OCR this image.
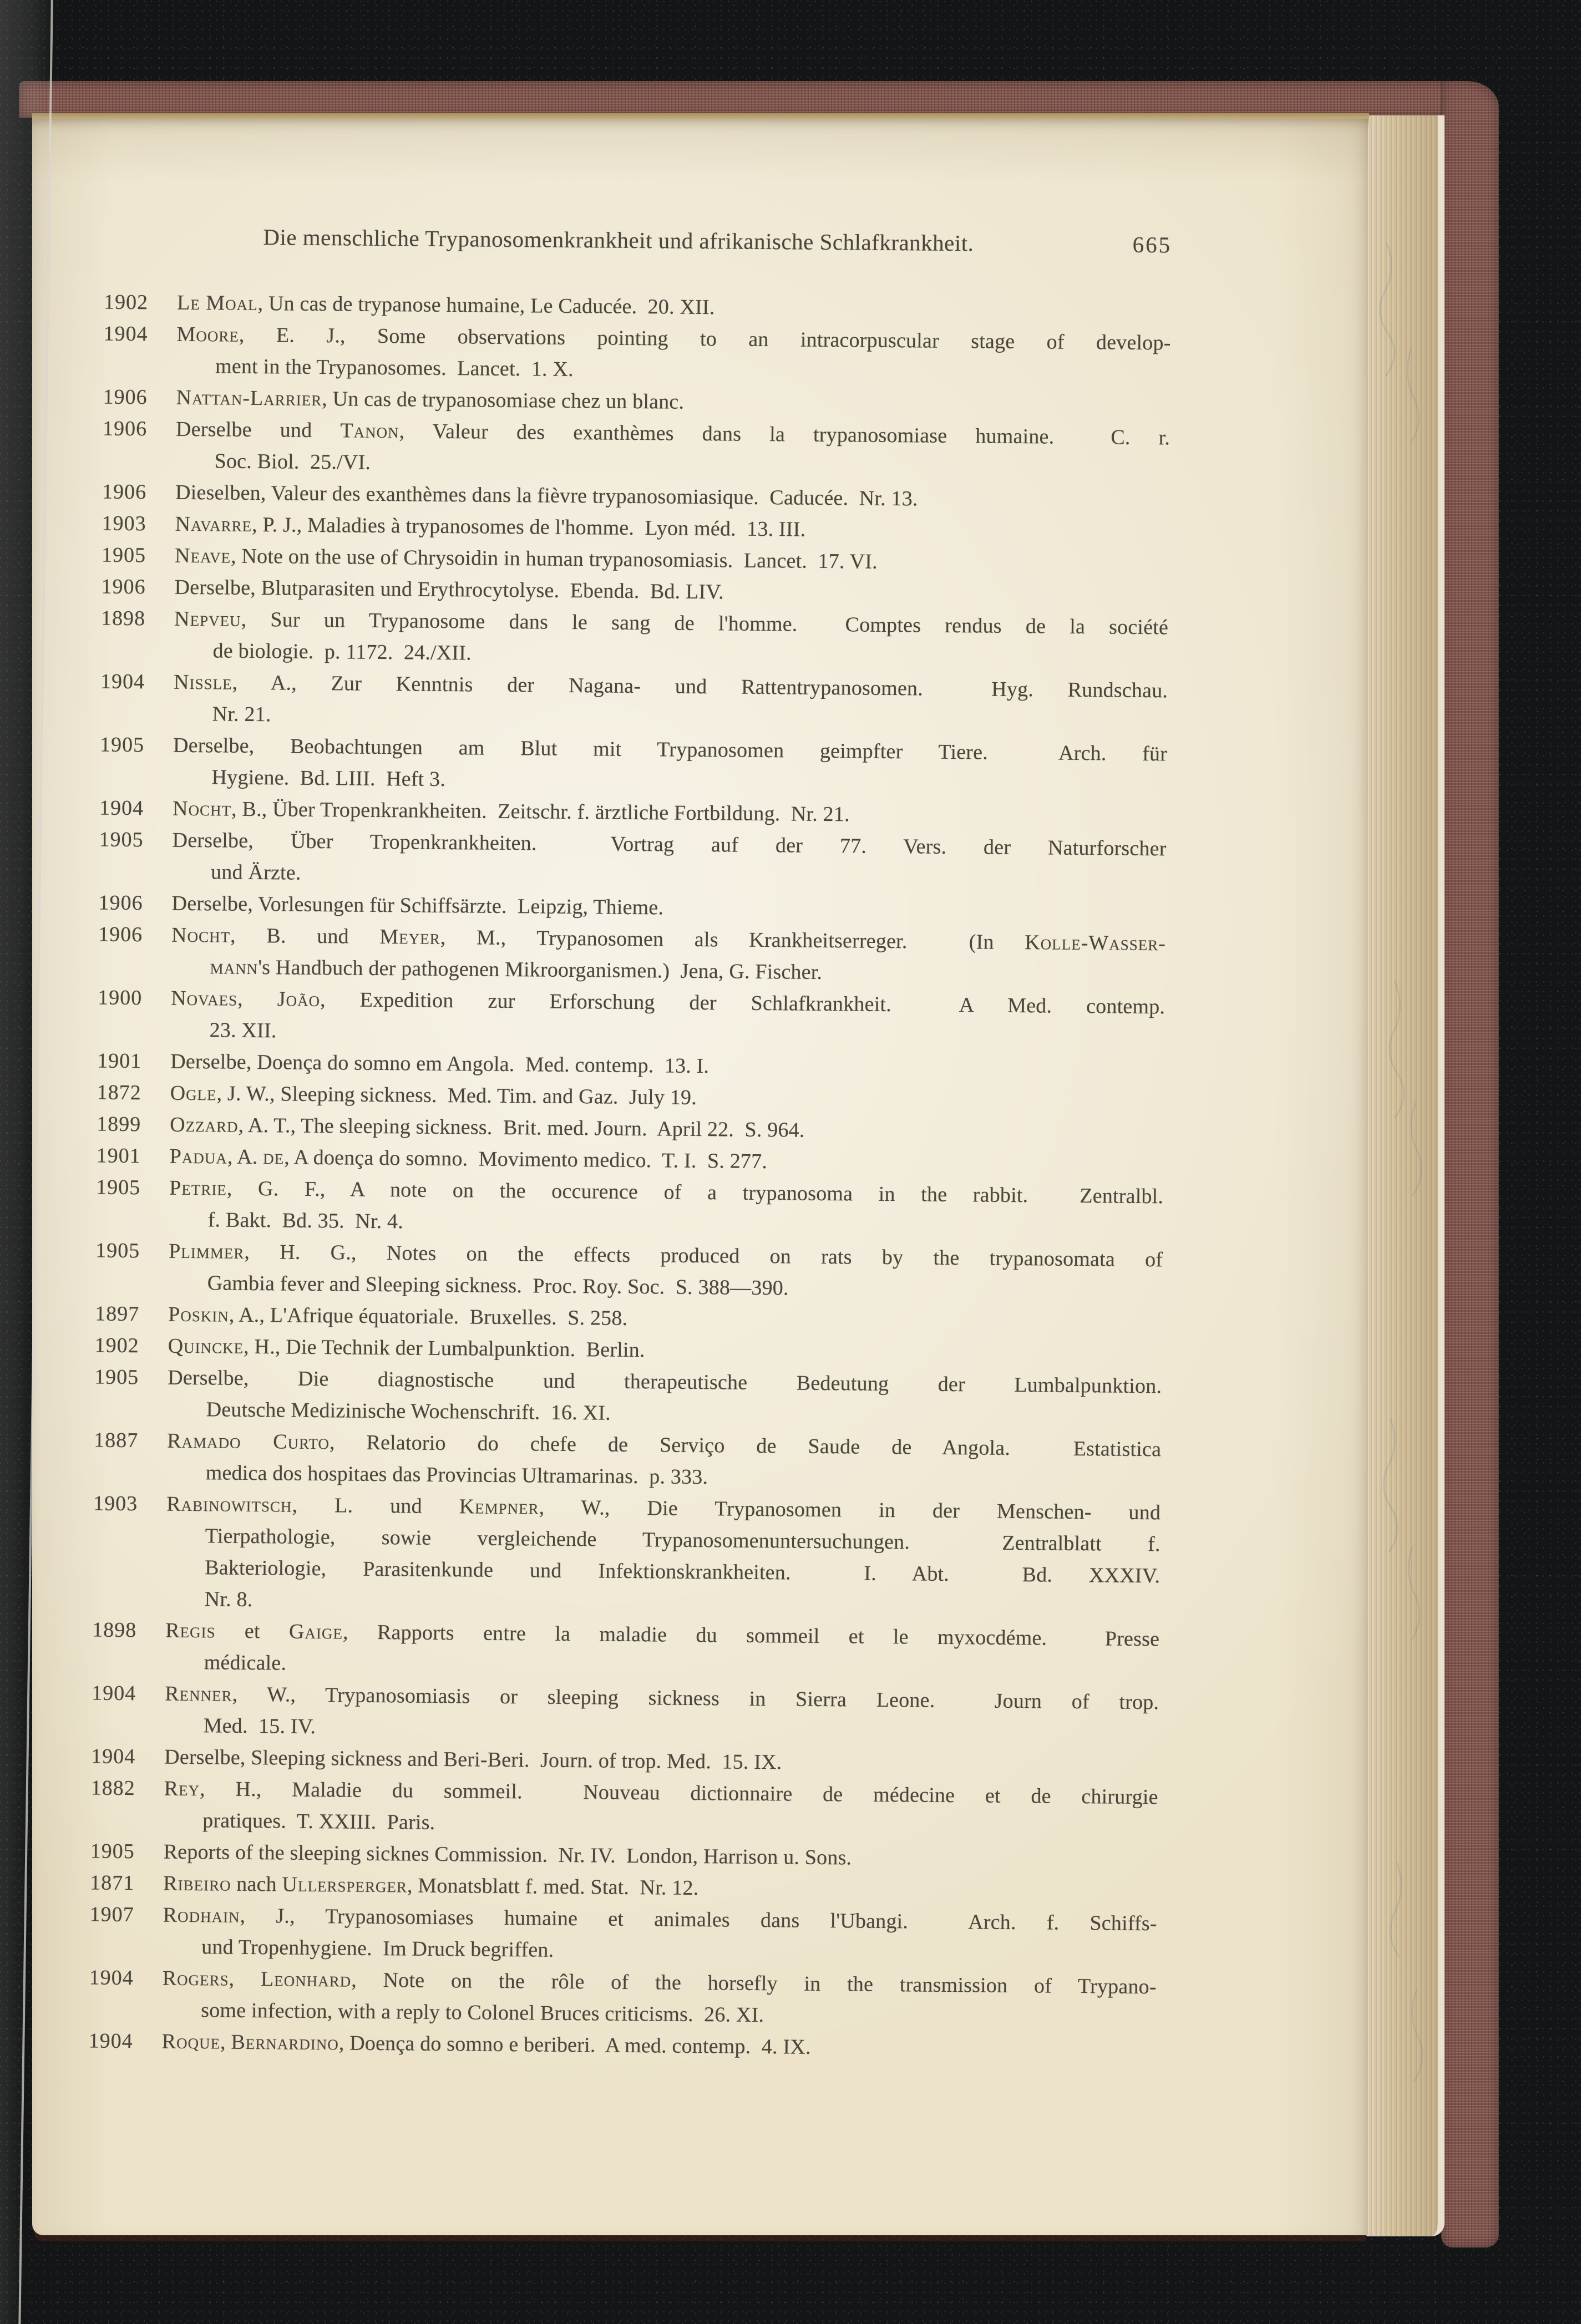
Die menschliche Trypanosomenkrankheit und afrikanische Schlafkrankheit.	665
1902	Le Moal, Un cas de trypanose humaine, Le Caducée.  20. XII.
1904	Moore, E. J., Some observations pointing to an intracorpuscular stage of develop-
ment in the Trypanosomes.  Lancet.  1. X.
1906	Nattan-Larrier, Un cas de trypanosomiase chez un blanc.
1906	Derselbe und Tanon, Valeur des exanthèmes dans la trypanosomiase humaine.  C. r.
Soc. Biol.  25./VI.
1906	Dieselben, Valeur des exanthèmes dans la fièvre trypanosomiasique.  Caducée.  Nr. 13.
1903	Navarre, P. J., Maladies à trypanosomes de l'homme.  Lyon méd.  13. III.
1905	Neave, Note on the use of Chrysoidin in human trypanosomiasis.  Lancet.  17. VI.
1906	Derselbe, Blutparasiten und Erythrocytolyse.  Ebenda.  Bd. LIV.
1898	Nepveu, Sur un Trypanosome dans le sang de l'homme.  Comptes rendus de la société
de biologie.  p. 1172.  24./XII.
1904	Nissle, A., Zur Kenntnis der Nagana- und Rattentrypanosomen.  Hyg. Rundschau.
Nr. 21.
1905	Derselbe, Beobachtungen am Blut mit Trypanosomen geimpfter Tiere.  Arch. für
Hygiene.  Bd. LIII.  Heft 3.
1904	Nocht, B., Über Tropenkrankheiten.  Zeitschr. f. ärztliche Fortbildung.  Nr. 21.
1905	Derselbe, Über Tropenkrankheiten.  Vortrag auf der 77. Vers. der Naturforscher
und Ärzte.
1906	Derselbe, Vorlesungen für Schiffsärzte.  Leipzig, Thieme.
1906	Nocht, B. und Meyer, M., Trypanosomen als Krankheitserreger.  (In Kolle-Wasser-
mann's Handbuch der pathogenen Mikroorganismen.)  Jena, G. Fischer.
1900	Novaes, João, Expedition zur Erforschung der Schlafkrankheit.  A Med. contemp.
23. XII.
1901	Derselbe, Doença do somno em Angola.  Med. contemp.  13. I.
1872	Ogle, J. W., Sleeping sickness.  Med. Tim. and Gaz.  July 19.
1899	Ozzard, A. T., The sleeping sickness.  Brit. med. Journ.  April 22.  S. 964.
1901	Padua, A. de, A doença do somno.  Movimento medico.  T. I.  S. 277.
1905	Petrie, G. F., A note on the occurence of a trypanosoma in the rabbit.  Zentralbl.
f. Bakt.  Bd. 35.  Nr. 4.
1905	Plimmer, H. G., Notes on the effects produced on rats by the trypanosomata of
Gambia fever and Sleeping sickness.  Proc. Roy. Soc.  S. 388—390.
1897	Poskin, A., L'Afrique équatoriale.  Bruxelles.  S. 258.
1902	Quincke, H., Die Technik der Lumbalpunktion.  Berlin.
1905	Derselbe, Die diagnostische und therapeutische Bedeutung der Lumbalpunktion.
Deutsche Medizinische Wochenschrift.  16. XI.
1887	Ramado Curto, Relatorio do chefe de Serviço de Saude de Angola.  Estatistica
medica dos hospitaes das Provincias Ultramarinas.  p. 333.
1903	Rabinowitsch, L. und Kempner, W., Die Trypanosomen in der Menschen- und
Tierpathologie, sowie vergleichende Trypanosomenuntersuchungen.  Zentralblatt f.
Bakteriologie, Parasitenkunde und Infektionskrankheiten.  I. Abt.  Bd. XXXIV.
Nr. 8.
1898	Regis et Gaige, Rapports entre la maladie du sommeil et le myxocdéme.  Presse
médicale.
1904	Renner, W., Trypanosomiasis or sleeping sickness in Sierra Leone.  Journ of trop.
Med.  15. IV.
1904	Derselbe, Sleeping sickness and Beri-Beri.  Journ. of trop. Med.  15. IX.
1882	Rey, H., Maladie du sommeil.  Nouveau dictionnaire de médecine et de chirurgie
pratiques.  T. XXIII.  Paris.
1905	Reports of the sleeping sicknes Commission.  Nr. IV.  London, Harrison u. Sons.
1871	Ribeiro nach Ullersperger, Monatsblatt f. med. Stat.  Nr. 12.
1907	Rodhain, J., Trypanosomiases humaine et animales dans l'Ubangi.  Arch. f. Schiffs-
und Tropenhygiene.  Im Druck begriffen.
1904	Rogers, Leonhard, Note on the rôle of the horsefly in the transmission of Trypano-
some infection, with a reply to Colonel Bruces criticisms.  26. XI.
1904	Roque, Bernardino, Doença do somno e beriberi.  A med. contemp.  4. IX.
